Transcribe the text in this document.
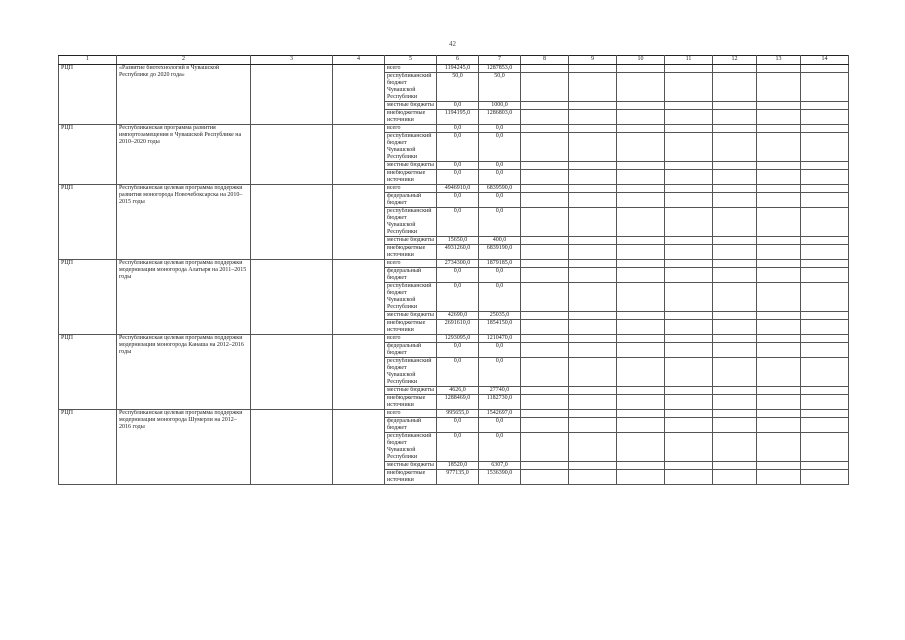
42
1	2	3	4	5	6	7	8	9	10	11	12	13	14
РЦП	«Развитие биотехнологий в Чувашской Республике до 2020 года»			всего	1194245,0	1287853,0							
				республиканский бюджет Чувашской Республики	50,0	50,0							
				местные бюджеты	0,0	1000,0							
				внебюджетные источники	1194195,0	1286803,0							
РЦП	Республиканская программа развития импортозамещения в Чувашской Республике на 2010–2020 годы			всего	0,0	0,0							
				республиканский бюджет Чувашской Республики	0,0	0,0							
				местные бюджеты	0,0	0,0							
				внебюджетные источники	0,0	0,0							
РЦП	Республиканская целевая программа поддержки развития моногорода Новочебоксарска на 2010–2015 годы			всего	4946910,0	6839590,0							
				федеральный бюджет	0,0	0,0							
				республиканский бюджет Чувашской Республики	0,0	0,0							
				местные бюджеты	15650,0	400,0							
				внебюджетные источники	4931260,0	6839190,0							
РЦП	Республиканская целевая программа поддержки модернизации моногорода Алатыря на 2011–2015 годы			всего	2734300,0	1879185,0							
				федеральный бюджет	0,0	0,0							
				республиканский бюджет Чувашской Республики	0,0	0,0							
				местные бюджеты	42690,0	25035,0							
				внебюджетные источники	2691610,0	1854150,0							
РЦП	Республиканская целевая программа поддержки модернизации моногорода Канаша на 2012–2016 годы			всего	1293095,0	1210470,0							
				федеральный бюджет	0,0	0,0							
				республиканский бюджет Чувашской Республики	0,0	0,0							
				местные бюджеты	4626,0	27740,0							
				внебюджетные источники	1288469,0	1182730,0							
РЦП	Республиканская целевая программа поддержки модернизации моногорода Шумерли на 2012–2016 годы			всего	995655,0	1542697,0							
				федеральный бюджет	0,0	0,0							
				республиканский бюджет Чувашской Республики	0,0	0,0							
				местные бюджеты	18520,0	6307,0							
				внебюджетные источники	977135,0	1536390,0							
